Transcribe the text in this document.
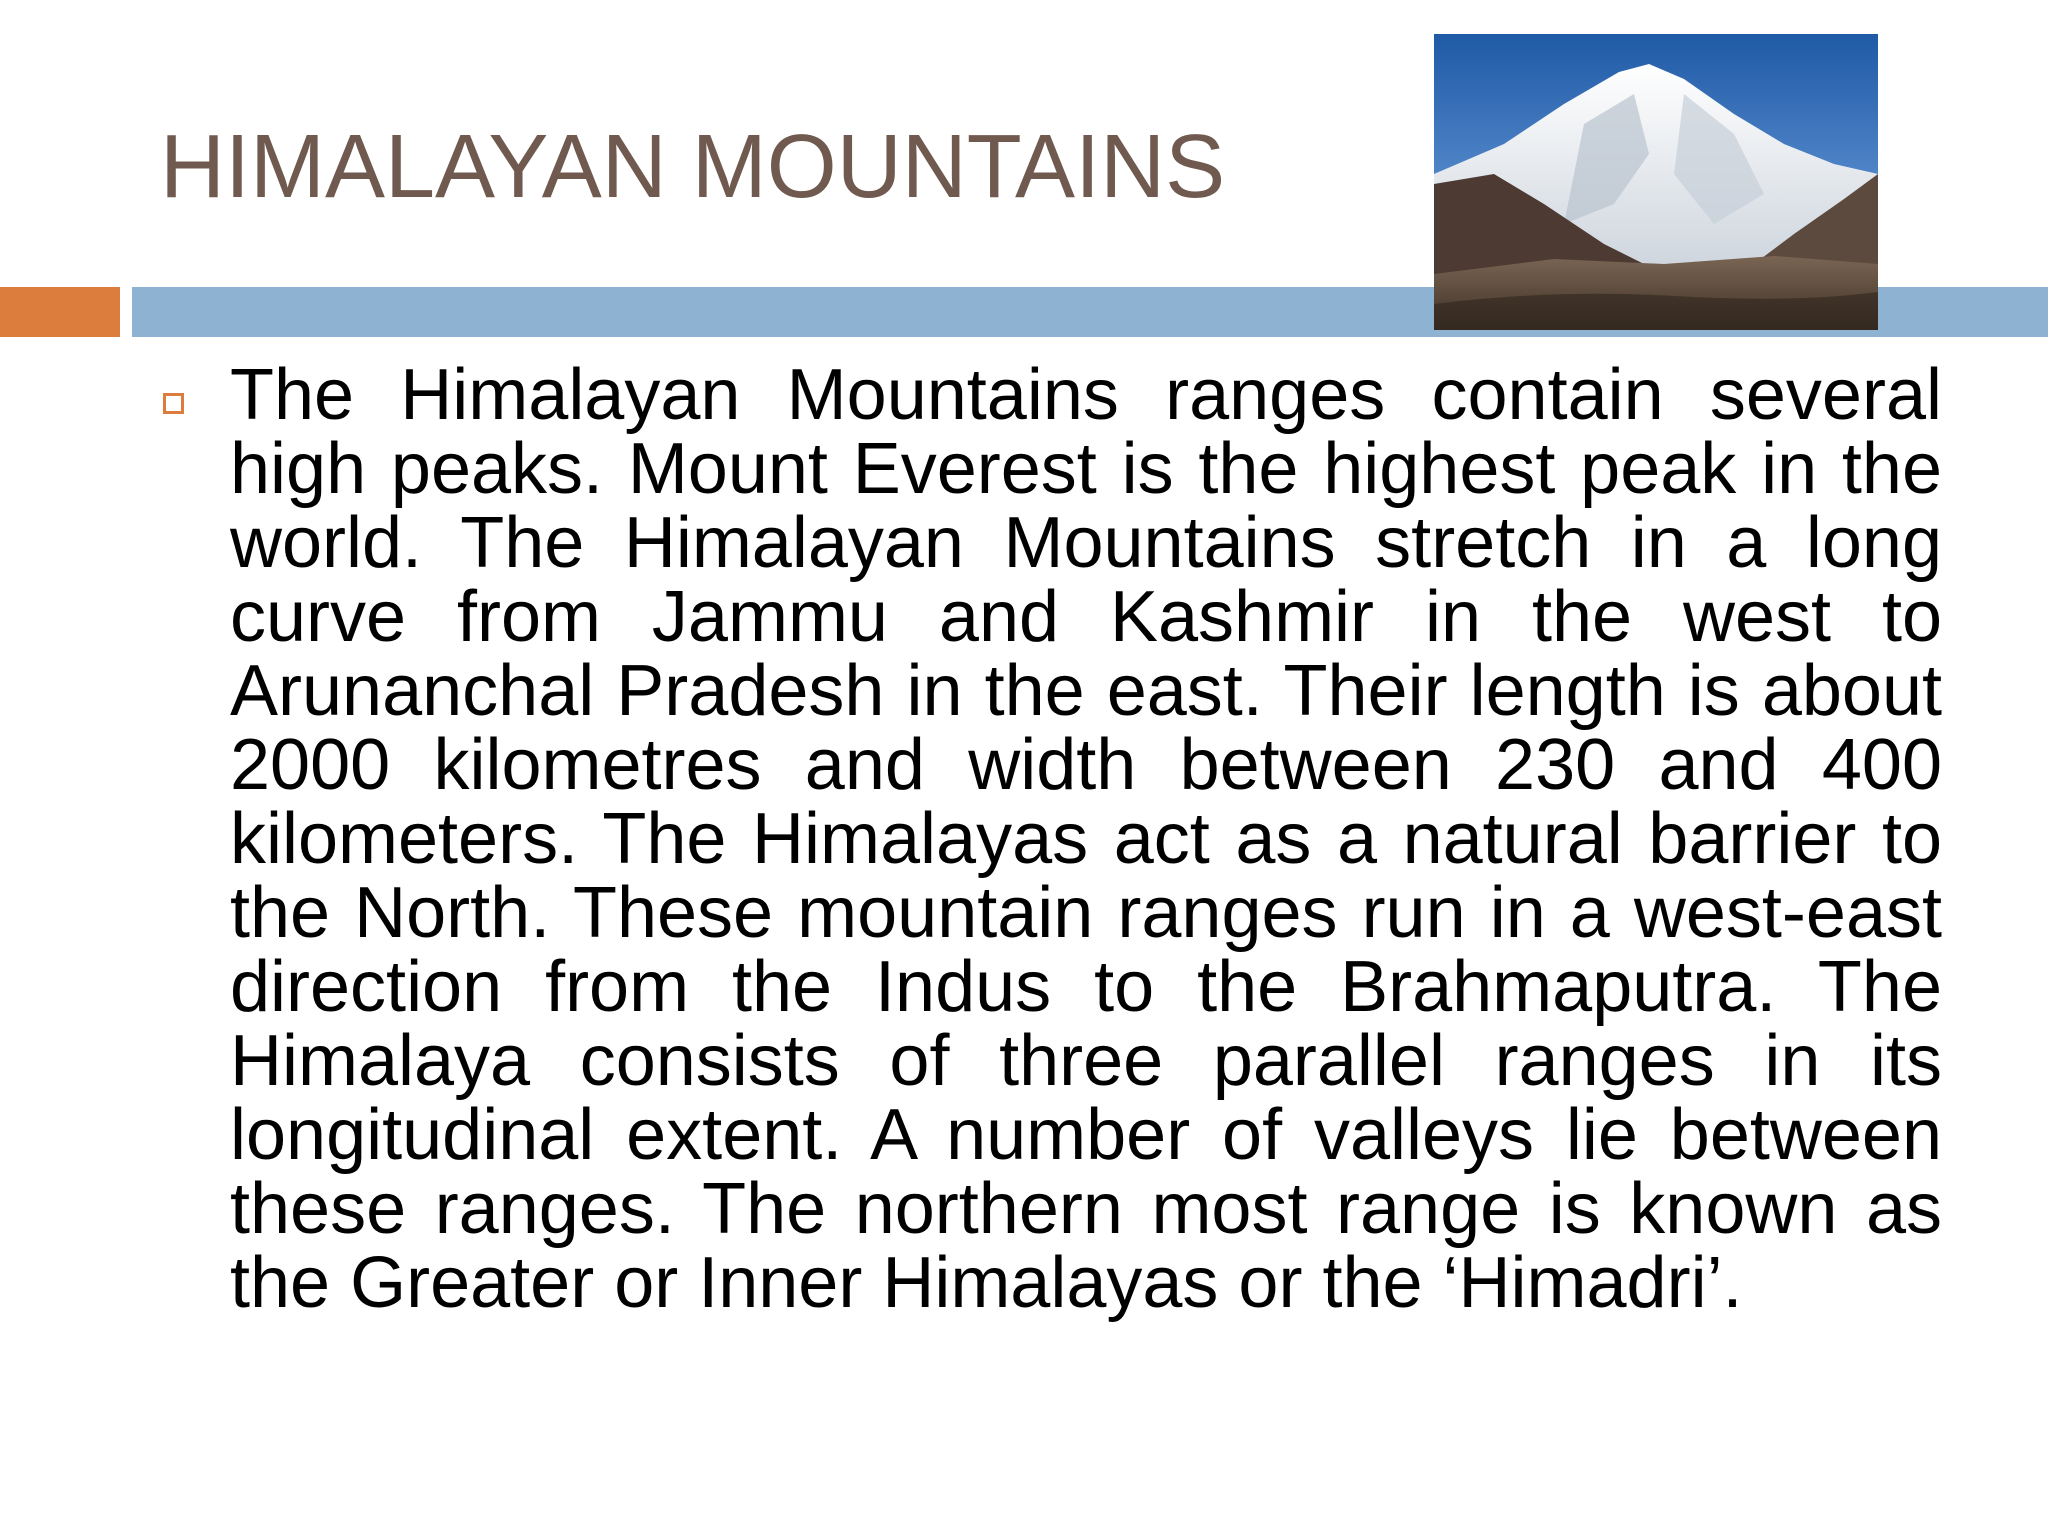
HIMALAYAN MOUNTAINS

The Himalayan Mountains ranges contain several high peaks. Mount Everest is the highest peak in the world. The Himalayan Mountains stretch in a long curve from Jammu and Kashmir in the west to Arunanchal Pradesh in the east. Their length is about 2000 kilometres and width between 230 and 400 kilometers. The Himalayas act as a natural barrier to the North. These mountain ranges run in a west-east direction from the Indus to the Brahmaputra. The Himalaya consists of three parallel ranges in its longitudinal extent. A number of valleys lie between these ranges. The northern most range is known as the Greater or Inner Himalayas or the ‘Himadri’.
